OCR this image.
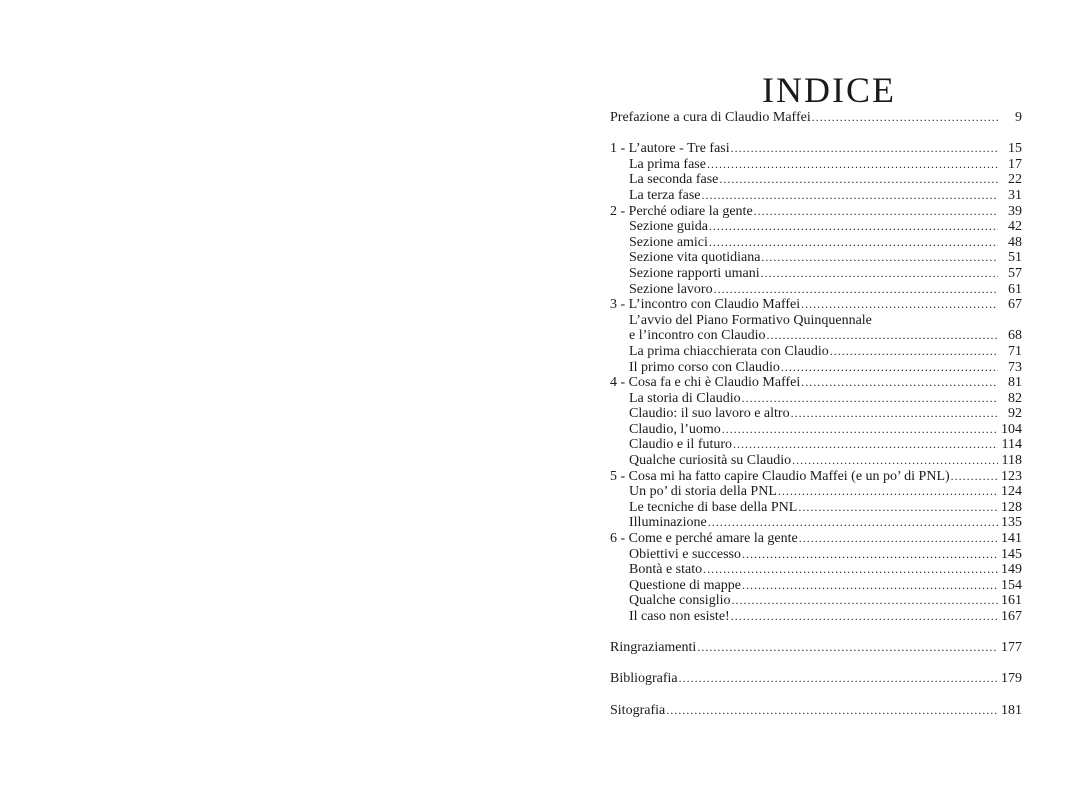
INDICE
Prefazione a cura di Claudio Maffei .....	9
1 - L’autore - Tre fasi .....	15
La prima fase .....	17
La seconda fase .....	22
La terza fase .....	31
2 - Perché odiare la gente .....	39
Sezione guida .....	42
Sezione amici .....	48
Sezione vita quotidiana .....	51
Sezione rapporti umani .....	57
Sezione lavoro .....	61
3 - L’incontro con Claudio Maffei .....	67
L’avvio del Piano Formativo Quinquennale
e l’incontro con Claudio .....	68
La prima chiacchierata con Claudio .....	71
Il primo corso con Claudio .....	73
4 - Cosa fa e chi è Claudio Maffei .....	81
La storia di Claudio .....	82
Claudio: il suo lavoro e altro .....	92
Claudio, l’uomo .....	104
Claudio e il futuro .....	114
Qualche curiosità su Claudio .....	118
5 - Cosa mi ha fatto capire Claudio Maffei (e un po’ di PNL) .....	123
Un po’ di storia della PNL .....	124
Le tecniche di base della PNL .....	128
Illuminazione .....	135
6 - Come e perché amare la gente .....	141
Obiettivi e successo .....	145
Bontà e stato .....	149
Questione di mappe .....	154
Qualche consiglio .....	161
Il caso non esiste! .....	167
Ringraziamenti .....	177
Bibliografia .....	179
Sitografia .....	181
